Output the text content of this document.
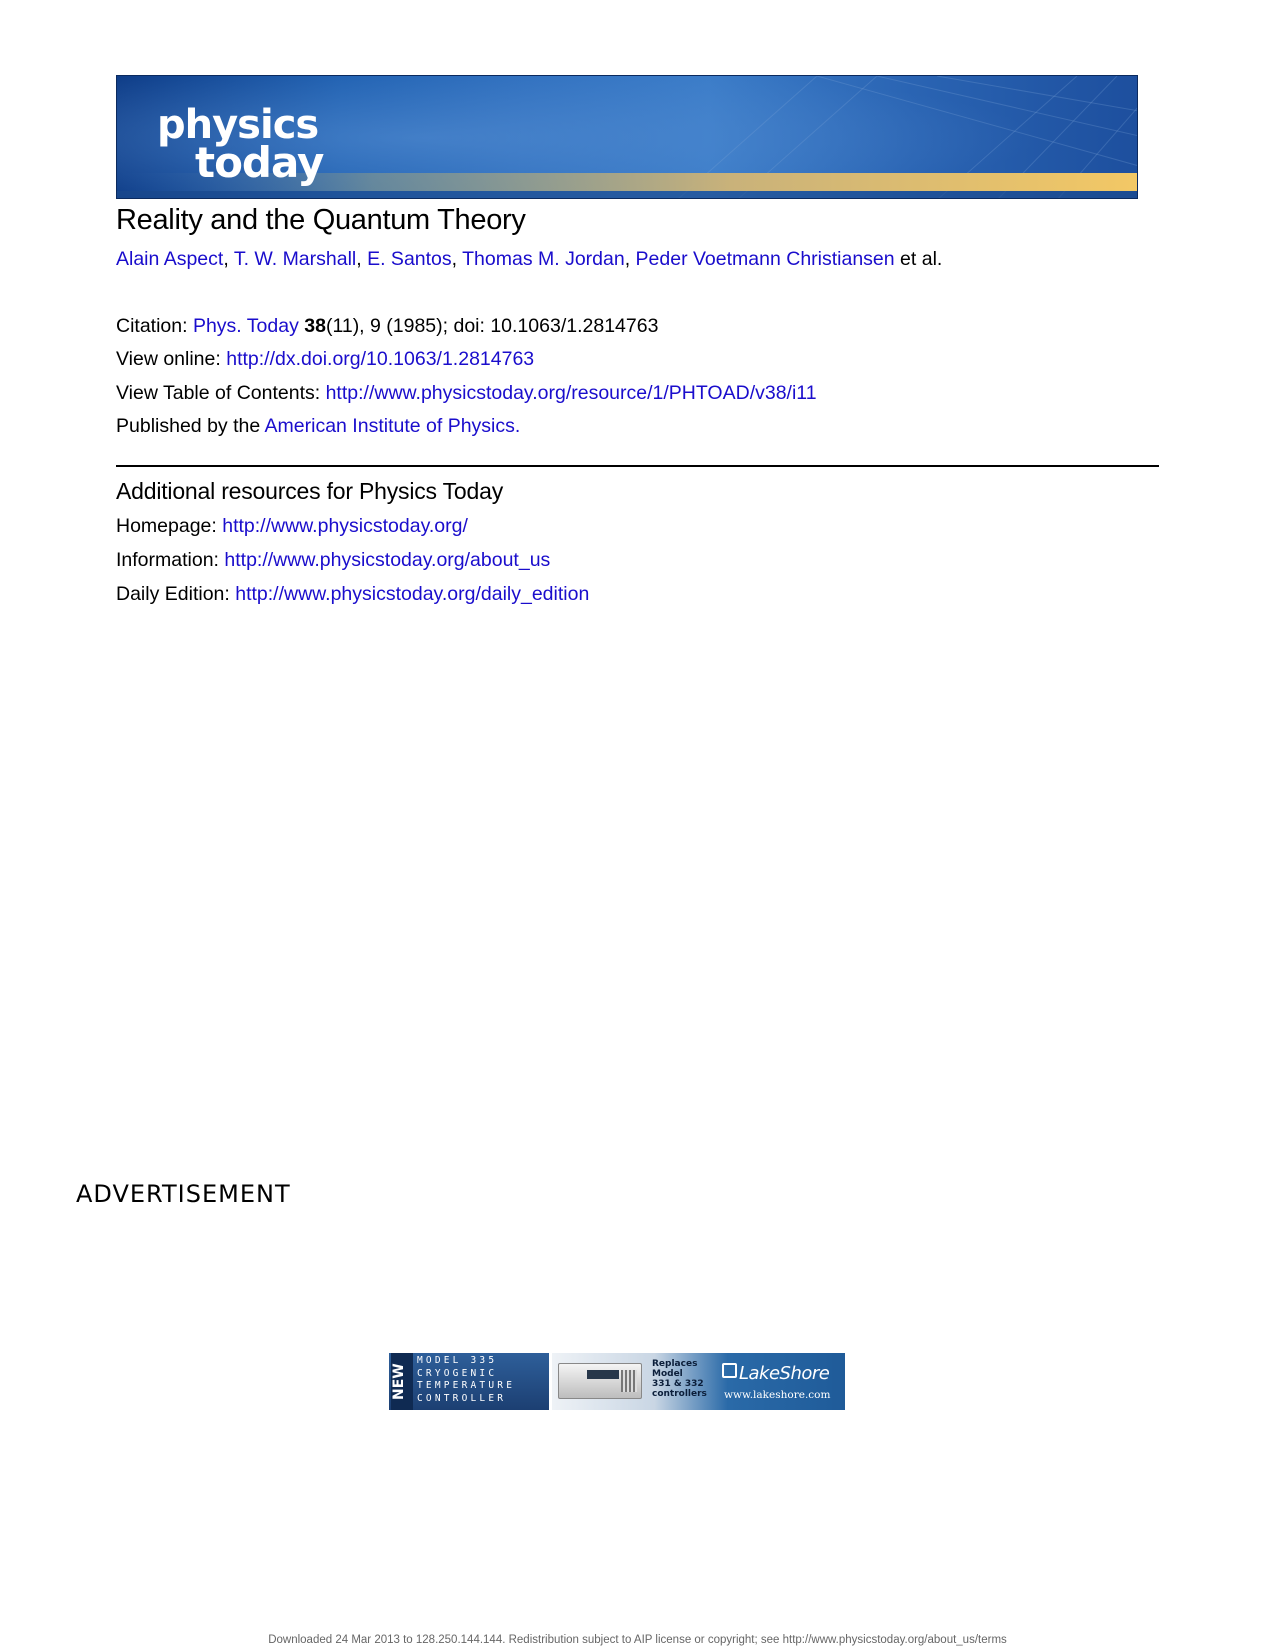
physics
today
Reality and the Quantum Theory
Alain Aspect, T. W. Marshall, E. Santos, Thomas M. Jordan, Peder Voetmann Christiansen et al.
Citation: Phys. Today 38(11), 9 (1985); doi: 10.1063/1.2814763
View online: http://dx.doi.org/10.1063/1.2814763
View Table of Contents: http://www.physicstoday.org/resource/1/PHTOAD/v38/i11
Published by the American Institute of Physics.
Additional resources for Physics Today
Homepage: http://www.physicstoday.org/
Information: http://www.physicstoday.org/about_us
Daily Edition: http://www.physicstoday.org/daily_edition
ADVERTISEMENT
NEW
MODEL 335
CRYOGENIC
TEMPERATURE
CONTROLLER
Replaces
Model
331 & 332
controllers
LakeShore
www.lakeshore.com
Downloaded 24 Mar 2013 to 128.250.144.144. Redistribution subject to AIP license or copyright; see http://www.physicstoday.org/about_us/terms
